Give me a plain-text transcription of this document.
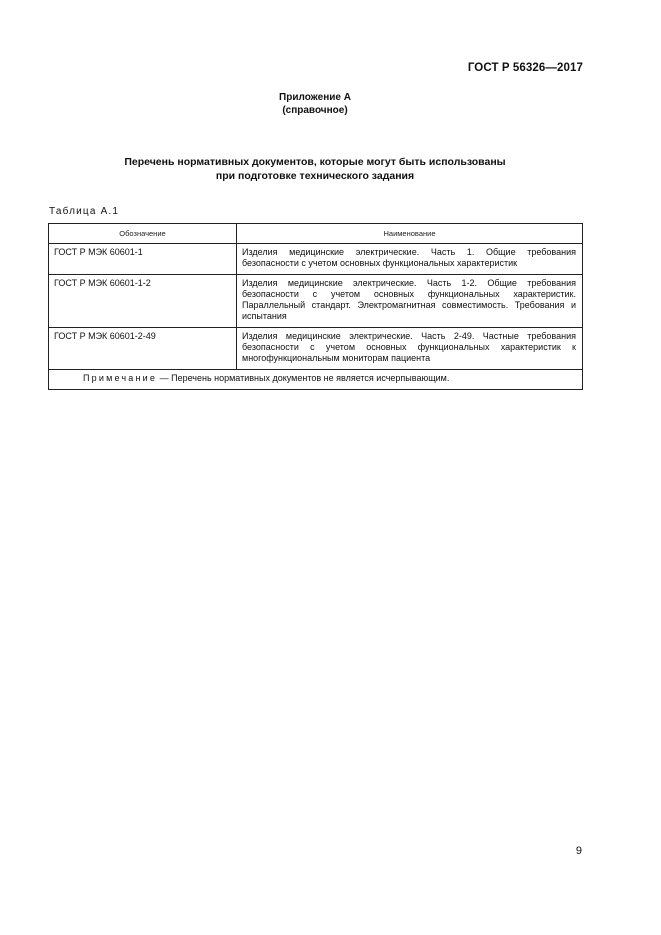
ГОСТ Р 56326—2017
Приложение А
(справочное)
Перечень нормативных документов, которые могут быть использованы
при подготовке технического задания
Таблица А.1
Обозначение	Наименование
ГОСТ Р МЭК 60601-1	Изделия медицинские электрические. Часть 1. Общие требования безопасности с учетом основных функциональных характеристик
ГОСТ Р МЭК 60601-1-2	Изделия медицинские электрические. Часть 1-2. Общие требования безопасности с учетом основных функциональных характеристик. Параллельный стандарт. Электромагнитная совместимость. Требования и испытания
ГОСТ Р МЭК 60601-2-49	Изделия медицинские электрические. Часть 2-49. Частные требования безопасности с учетом основных функциональных характеристик к многофункциональным мониторам пациента
Примечание — Перечень нормативных документов не является исчерпывающим.	
9
